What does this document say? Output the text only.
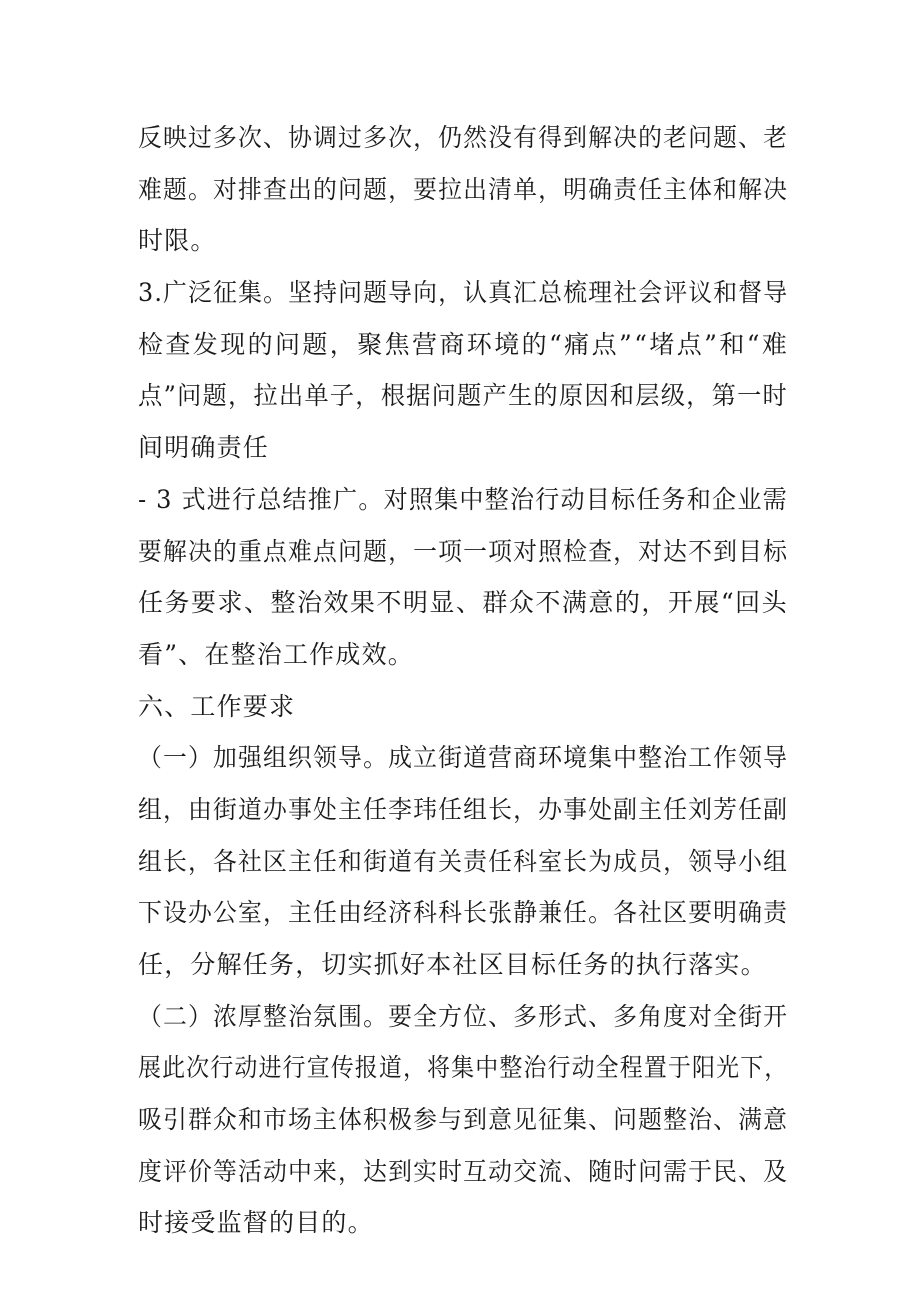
反映过多次、协调过多次，仍然没有得到解决的老问题、老
难题。对排查出的问题，要拉出清单，明确责任主体和解决
时限。
3.广泛征集。坚持问题导向，认真汇总梳理社会评议和督导
检查发现的问题，聚焦营商环境的“痛点”“堵点”和“难
点”问题，拉出单子，根据问题产生的原因和层级，第一时
间明确责任
- 3 式进行总结推广。对照集中整治行动目标任务和企业需
要解决的重点难点问题，一项一项对照检查，对达不到目标
任务要求、整治效果不明显、群众不满意的，开展“回头
看”、在整治工作成效。
六、工作要求
（一）加强组织领导。成立街道营商环境集中整治工作领导
组，由街道办事处主任李玮任组长，办事处副主任刘芳任副
组长，各社区主任和街道有关责任科室长为成员，领导小组
下设办公室，主任由经济科科长张静兼任。各社区要明确责
任，分解任务，切实抓好本社区目标任务的执行落实。
（二）浓厚整治氛围。要全方位、多形式、多角度对全街开
展此次行动进行宣传报道，将集中整治行动全程置于阳光下，
吸引群众和市场主体积极参与到意见征集、问题整治、满意
度评价等活动中来，达到实时互动交流、随时问需于民、及
时接受监督的目的。
